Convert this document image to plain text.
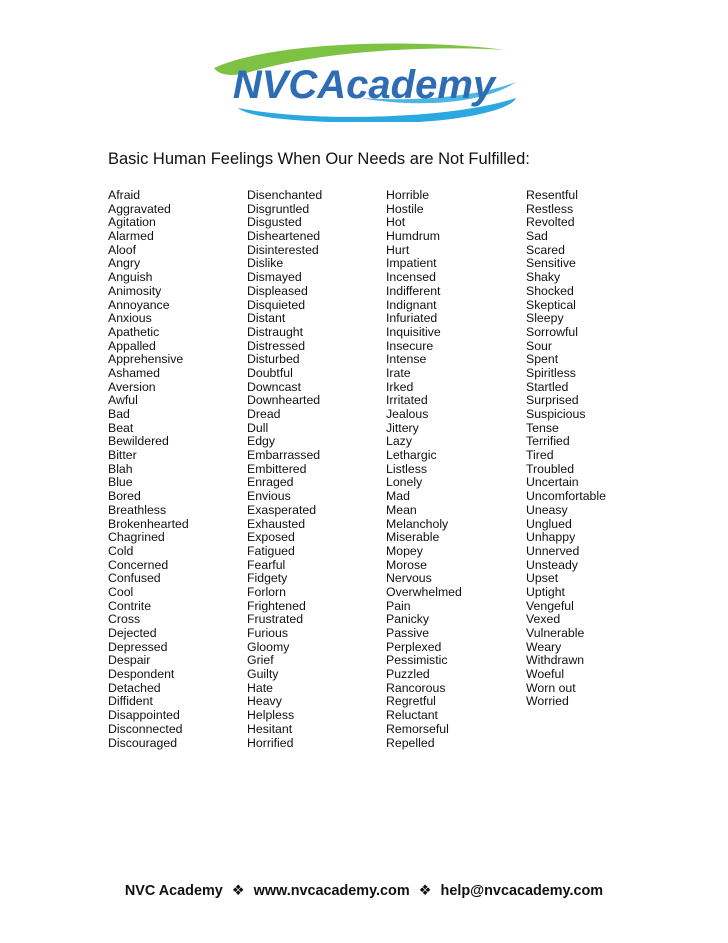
NVCAcademy
Basic Human Feelings When Our Needs are Not Fulfilled:
Afraid
Aggravated
Agitation
Alarmed
Aloof
Angry
Anguish
Animosity
Annoyance
Anxious
Apathetic
Appalled
Apprehensive
Ashamed
Aversion
Awful
Bad
Beat
Bewildered
Bitter
Blah
Blue
Bored
Breathless
Brokenhearted
Chagrined
Cold
Concerned
Confused
Cool
Contrite
Cross
Dejected
Depressed
Despair
Despondent
Detached
Diffident
Disappointed
Disconnected
Discouraged
Disenchanted
Disgruntled
Disgusted
Disheartened
Disinterested
Dislike
Dismayed
Displeased
Disquieted
Distant
Distraught
Distressed
Disturbed
Doubtful
Downcast
Downhearted
Dread
Dull
Edgy
Embarrassed
Embittered
Enraged
Envious
Exasperated
Exhausted
Exposed
Fatigued
Fearful
Fidgety
Forlorn
Frightened
Frustrated
Furious
Gloomy
Grief
Guilty
Hate
Heavy
Helpless
Hesitant
Horrified
Horrible
Hostile
Hot
Humdrum
Hurt
Impatient
Incensed
Indifferent
Indignant
Infuriated
Inquisitive
Insecure
Intense
Irate
Irked
Irritated
Jealous
Jittery
Lazy
Lethargic
Listless
Lonely
Mad
Mean
Melancholy
Miserable
Mopey
Morose
Nervous
Overwhelmed
Pain
Panicky
Passive
Perplexed
Pessimistic
Puzzled
Rancorous
Regretful
Reluctant
Remorseful
Repelled
Resentful
Restless
Revolted
Sad
Scared
Sensitive
Shaky
Shocked
Skeptical
Sleepy
Sorrowful
Sour
Spent
Spiritless
Startled
Surprised
Suspicious
Tense
Terrified
Tired
Troubled
Uncertain
Uncomfortable
Uneasy
Unglued
Unhappy
Unnerved
Unsteady
Upset
Uptight
Vengeful
Vexed
Vulnerable
Weary
Withdrawn
Woeful
Worn out
Worried
NVC Academy ❖ www.nvcacademy.com ❖ help@nvcacademy.com
